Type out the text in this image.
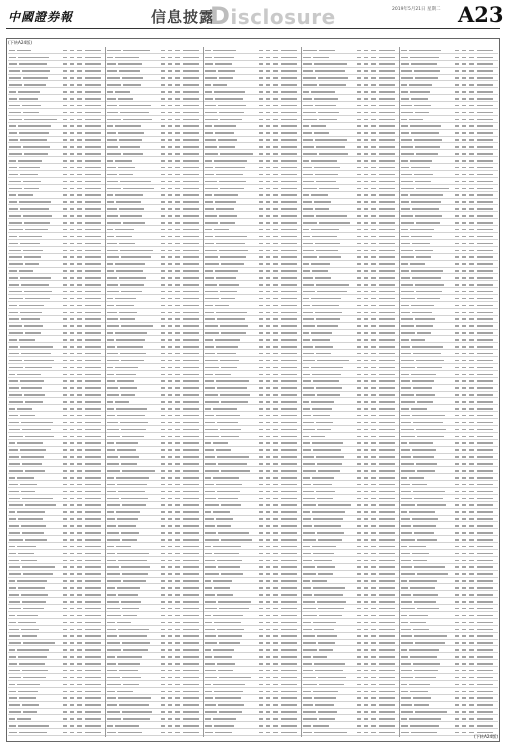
中國證券報	信息披露
Disclosure	2019年5月21日 星期二 A23
(下转A24版)
(下转A24版)
